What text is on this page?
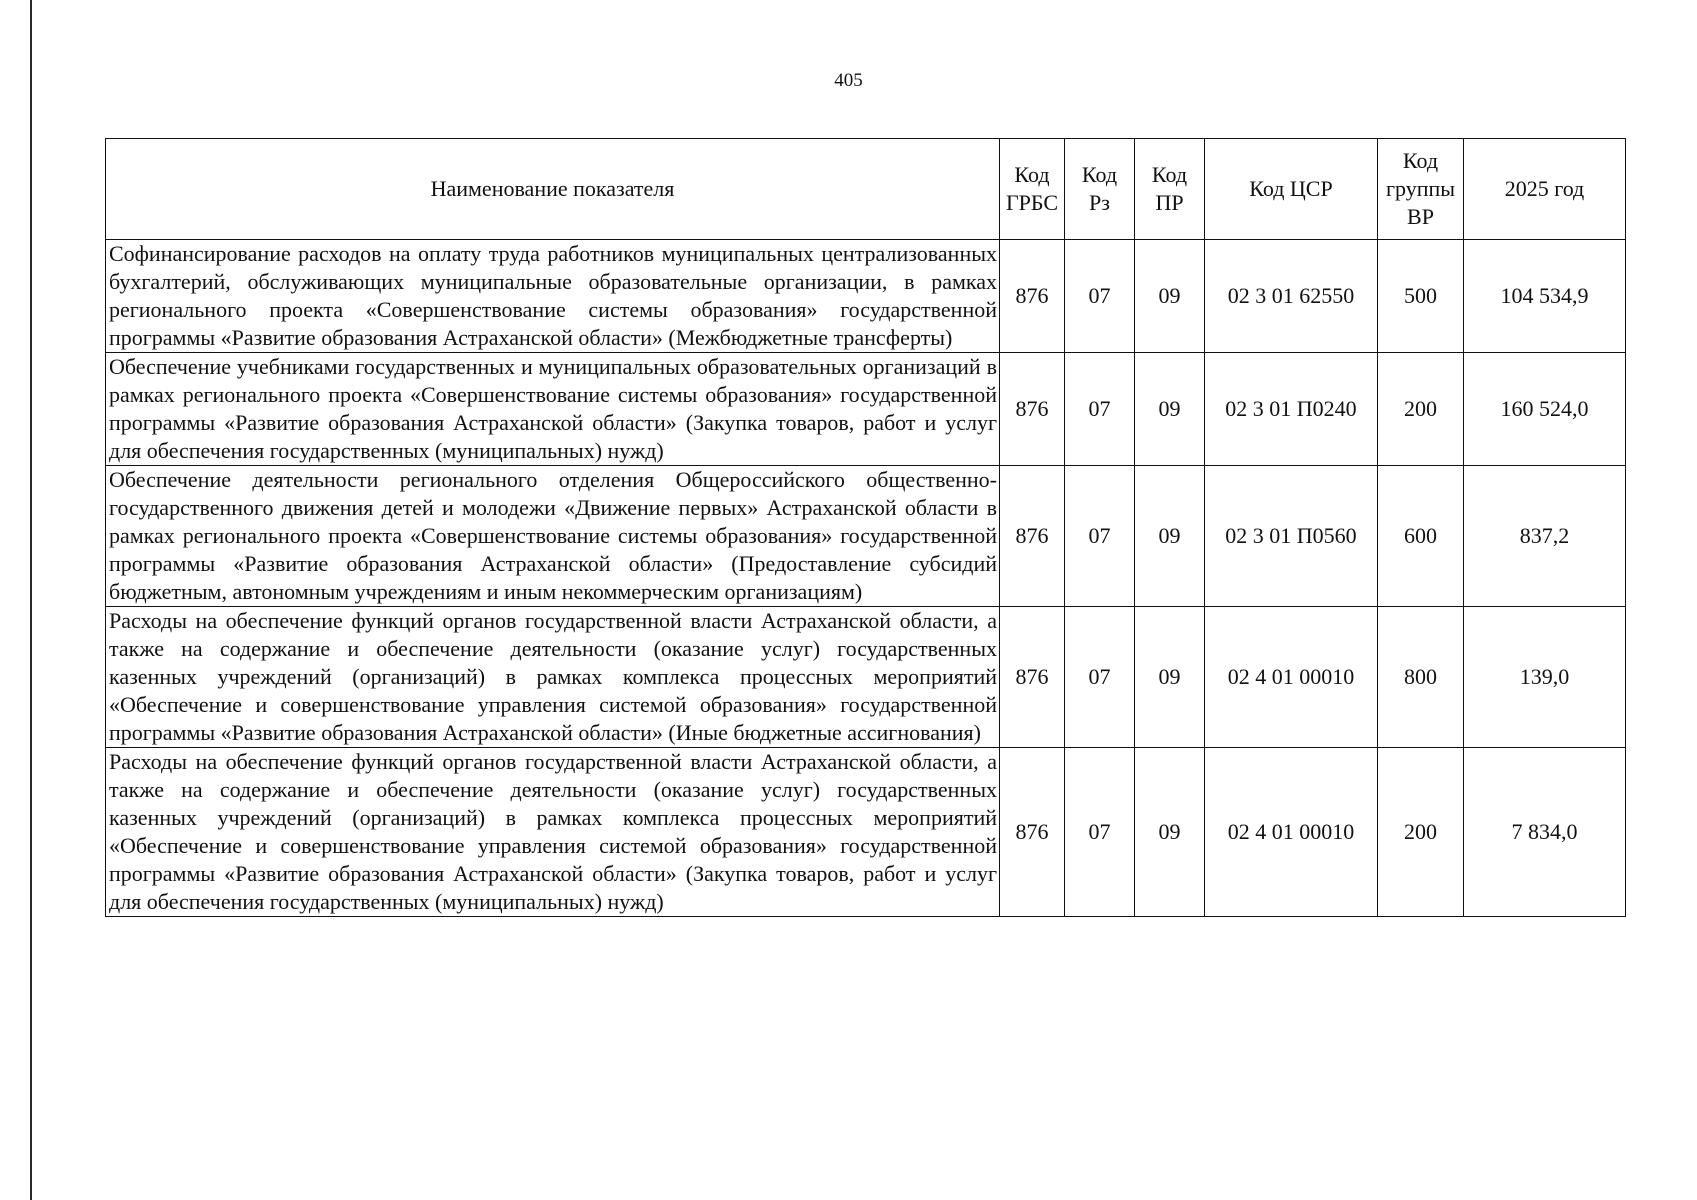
405
Наименование показателя	Код ГРБС	Код Рз	Код ПР	Код ЦСР	Код группы ВР	2025 год
Софинансирование расходов на оплату труда работников муниципальных централизованных бухгалтерий, обслуживающих муниципальные образовательные организации, в рамках регионального проекта «Совершенствование системы образования» государственной программы «Развитие образования Астраханской области» (Межбюджетные трансферты)	876	07	09	02 3 01 62550	500	104 534,9
Обеспечение учебниками государственных и муниципальных образовательных организаций в рамках регионального проекта «Совершенствование системы образования» государственной программы «Развитие образования Астраханской области» (Закупка товаров, работ и услуг для обеспечения государственных (муниципальных) нужд)	876	07	09	02 3 01 П0240	200	160 524,0
Обеспечение деятельности регионального отделения Общероссийского общественно-государственного движения детей и молодежи «Движение первых» Астраханской области в рамках регионального проекта «Совершенствование системы образования» государственной программы «Развитие образования Астраханской области» (Предоставление субсидий бюджетным, автономным учреждениям и иным некоммерческим организациям)	876	07	09	02 3 01 П0560	600	837,2
Расходы на обеспечение функций органов государственной власти Астраханской области, а также на содержание и обеспечение деятельности (оказание услуг) государственных казенных учреждений (организаций) в рамках комплекса процессных мероприятий «Обеспечение и совершенствование управления системой образования» государственной программы «Развитие образования Астраханской области» (Иные бюджетные ассигнования)	876	07	09	02 4 01 00010	800	139,0
Расходы на обеспечение функций органов государственной власти Астраханской области, а также на содержание и обеспечение деятельности (оказание услуг) государственных казенных учреждений (организаций) в рамках комплекса процессных мероприятий «Обеспечение и совершенствование управления системой образования» государственной программы «Развитие образования Астраханской области» (Закупка товаров, работ и услуг для обеспечения государственных (муниципальных) нужд)	876	07	09	02 4 01 00010	200	7 834,0
